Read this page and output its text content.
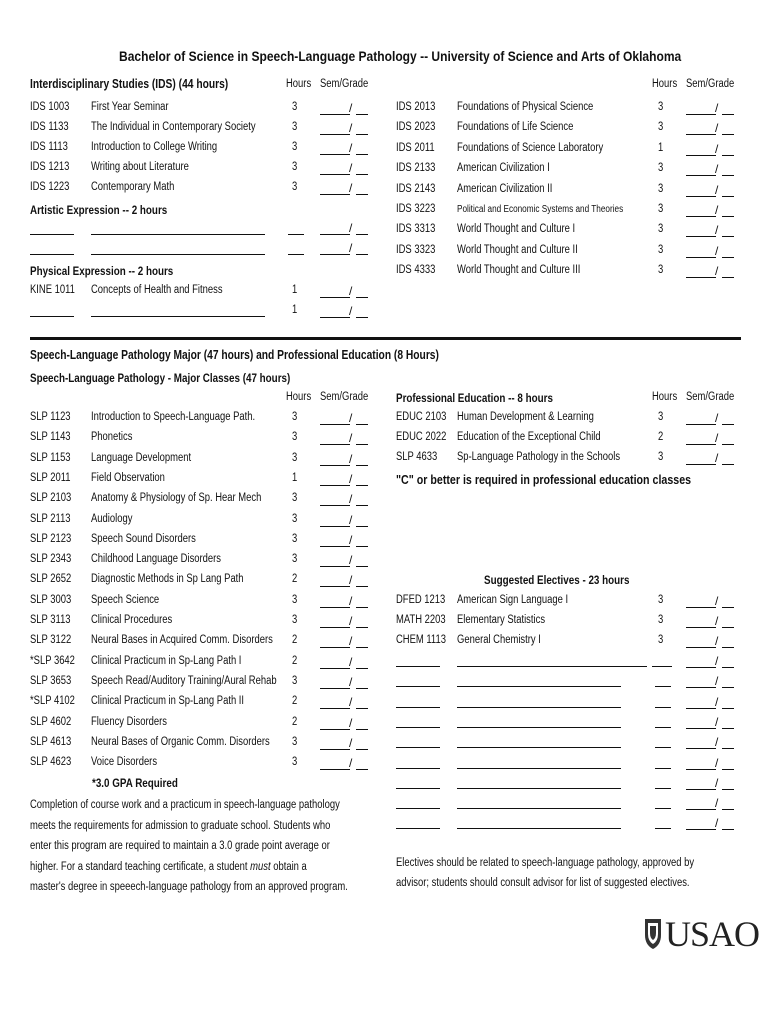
Bachelor of Science in Speech-Language Pathology -- University of Science and Arts of Oklahoma
Interdisciplinary Studies (IDS) (44 hours)	Hours Sem/Grade	Hours Sem/Grade
IDS 1003 First Year Seminar	3	/
IDS 1133 The Individual in Contemporary Society	3	/
IDS 1113 Introduction to College Writing	3	/
IDS 1213 Writing about Literature	3	/
IDS 1223 Contemporary Math	3	/
Artistic Expression -- 2 hours
/
/
Physical Expression -- 2 hours
KINE 1011 Concepts of Health and Fitness	1	/
1	/
IDS 2013 Foundations of Physical Science	3	/
IDS 2023 Foundations of Life Science	3	/
IDS 2011 Foundations of Science Laboratory	1	/
IDS 2133 American Civilization I	3	/
IDS 2143 American Civilization II	3	/
IDS 3223 Political and Economic Systems and Theories	3	/
IDS 3313 World Thought and Culture I	3	/
IDS 3323 World Thought and Culture II	3	/
IDS 4333 World Thought and Culture III	3	/
Speech-Language Pathology Major (47 hours) and Professional Education (8 Hours)
Speech-Language Pathology - Major Classes (47 hours)
Hours Sem/Grade
SLP 1123 Introduction to Speech-Language Path.	3	/
SLP 1143 Phonetics	3	/
SLP 1153 Language Development	3	/
SLP 2011 Field Observation	1	/
SLP 2103 Anatomy & Physiology of Sp. Hear Mech	3	/
SLP 2113 Audiology	3	/
SLP 2123 Speech Sound Disorders	3	/
SLP 2343 Childhood Language Disorders	3	/
SLP 2652 Diagnostic Methods in Sp Lang Path	2	/
SLP 3003 Speech Science	3	/
SLP 3113 Clinical Procedures	3	/
SLP 3122 Neural Bases in Acquired Comm. Disorders 2	/
*SLP 3642 Clinical Practicum in Sp-Lang Path I	2	/
SLP 3653 Speech Read/Auditory Training/Aural Rehab 3	/
*SLP 4102 Clinical Practicum in Sp-Lang Path II	2	/
SLP 4602 Fluency Disorders	2	/
SLP 4613 Neural Bases of Organic Comm. Disorders 3	/
SLP 4623 Voice Disorders	3	/
*3.0 GPA Required
Completion of course work and a practicum in speech-language pathology
meets the requirements for admission to graduate school. Students who
enter this program are required to maintain a 3.0 grade point average or
higher. For a standard teaching certificate, a student must obtain a
master's degree in speeech-language pathology from an approved program.
Professional Education -- 8 hours	Hours Sem/Grade
EDUC 2103 Human Development & Learning	3	/
EDUC 2022 Education of the Exceptional Child	2	/
SLP 4633 Sp-Language Pathology in the Schools	3	/
"C" or better is required in professional education classes
Suggested Electives - 23 hours
DFED 1213 American Sign Language I	3	/
MATH 2203 Elementary Statistics	3	/
CHEM 1113 General Chemistry I	3	/
/
/
/
/
/
/
/
/
/
Electives should be related to speech-language pathology, approved by
advisor; students should consult advisor for list of suggested electives.
USAO
